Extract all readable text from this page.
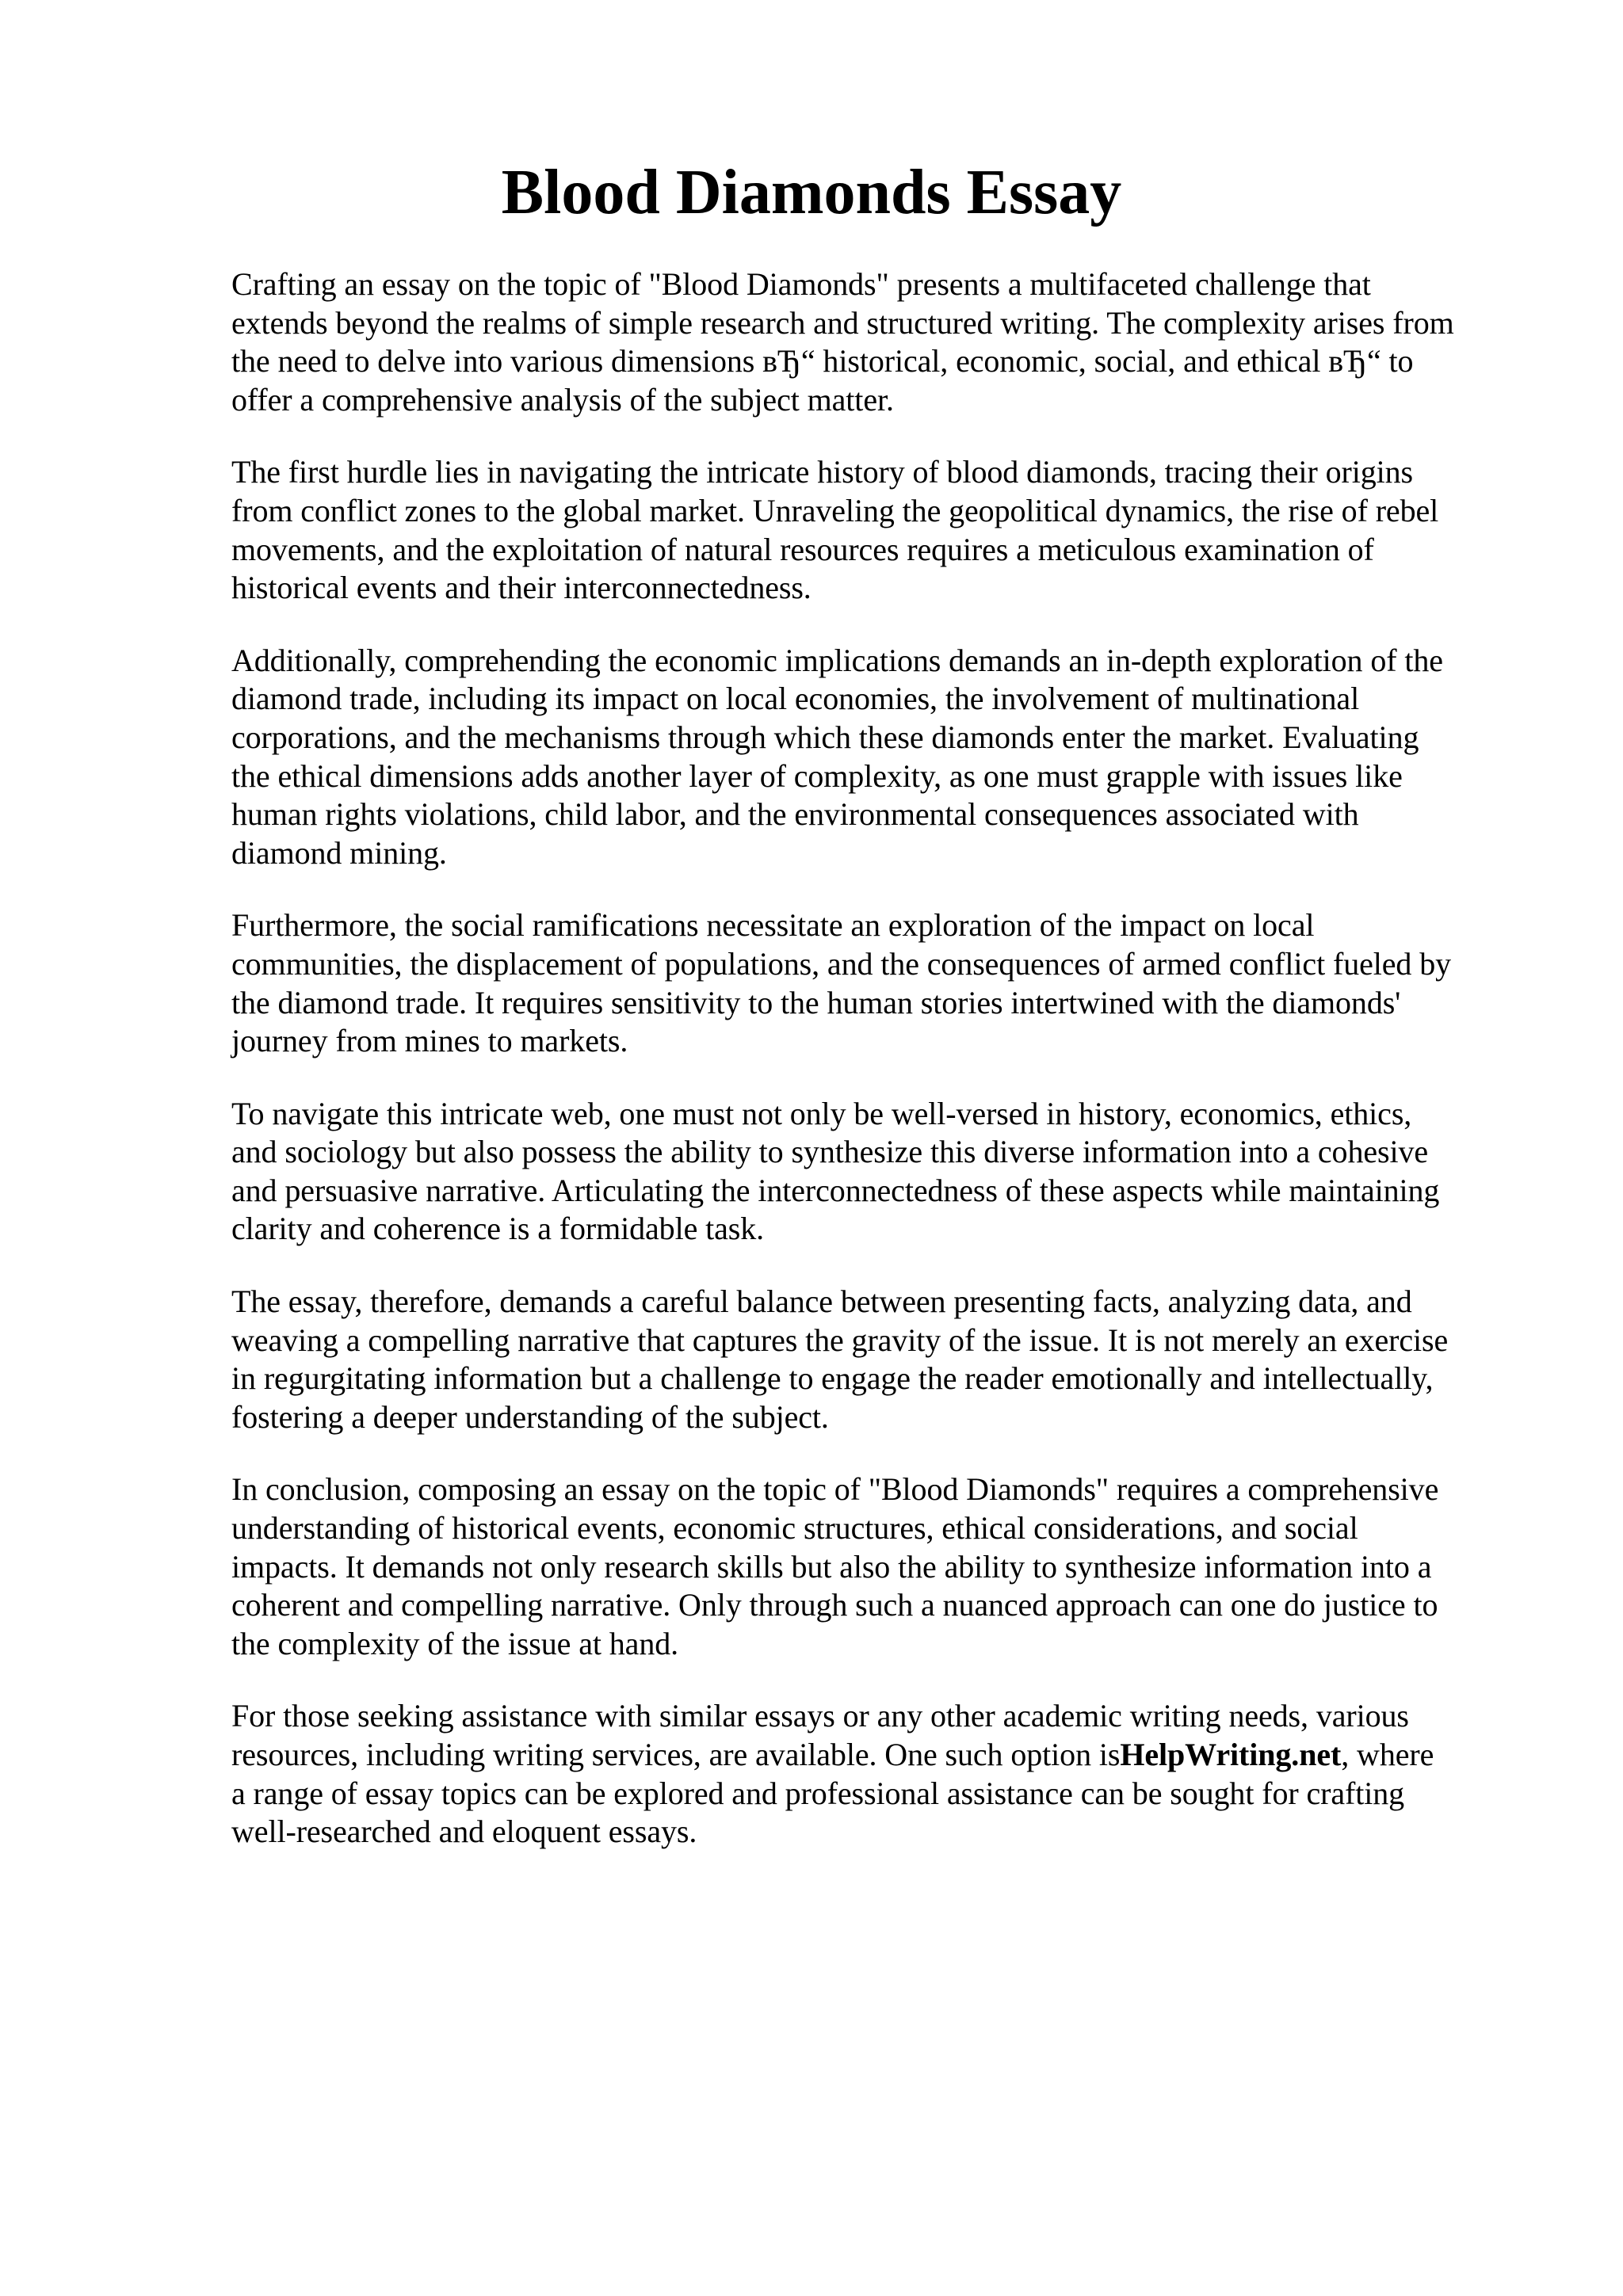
Blood Diamonds Essay

Crafting an essay on the topic of "Blood Diamonds" presents a multifaceted challenge that
extends beyond the realms of simple research and structured writing. The complexity arises from
the need to delve into various dimensions вЂ“ historical, economic, social, and ethical вЂ“ to
offer a comprehensive analysis of the subject matter.

The first hurdle lies in navigating the intricate history of blood diamonds, tracing their origins
from conflict zones to the global market. Unraveling the geopolitical dynamics, the rise of rebel
movements, and the exploitation of natural resources requires a meticulous examination of
historical events and their interconnectedness.

Additionally, comprehending the economic implications demands an in-depth exploration of the
diamond trade, including its impact on local economies, the involvement of multinational
corporations, and the mechanisms through which these diamonds enter the market. Evaluating
the ethical dimensions adds another layer of complexity, as one must grapple with issues like
human rights violations, child labor, and the environmental consequences associated with
diamond mining.

Furthermore, the social ramifications necessitate an exploration of the impact on local
communities, the displacement of populations, and the consequences of armed conflict fueled by
the diamond trade. It requires sensitivity to the human stories intertwined with the diamonds'
journey from mines to markets.

To navigate this intricate web, one must not only be well-versed in history, economics, ethics,
and sociology but also possess the ability to synthesize this diverse information into a cohesive
and persuasive narrative. Articulating the interconnectedness of these aspects while maintaining
clarity and coherence is a formidable task.

The essay, therefore, demands a careful balance between presenting facts, analyzing data, and
weaving a compelling narrative that captures the gravity of the issue. It is not merely an exercise
in regurgitating information but a challenge to engage the reader emotionally and intellectually,
fostering a deeper understanding of the subject.

In conclusion, composing an essay on the topic of "Blood Diamonds" requires a comprehensive
understanding of historical events, economic structures, ethical considerations, and social
impacts. It demands not only research skills but also the ability to synthesize information into a
coherent and compelling narrative. Only through such a nuanced approach can one do justice to
the complexity of the issue at hand.

For those seeking assistance with similar essays or any other academic writing needs, various
resources, including writing services, are available. One such option isHelpWriting.net, where
a range of essay topics can be explored and professional assistance can be sought for crafting
well-researched and eloquent essays.
